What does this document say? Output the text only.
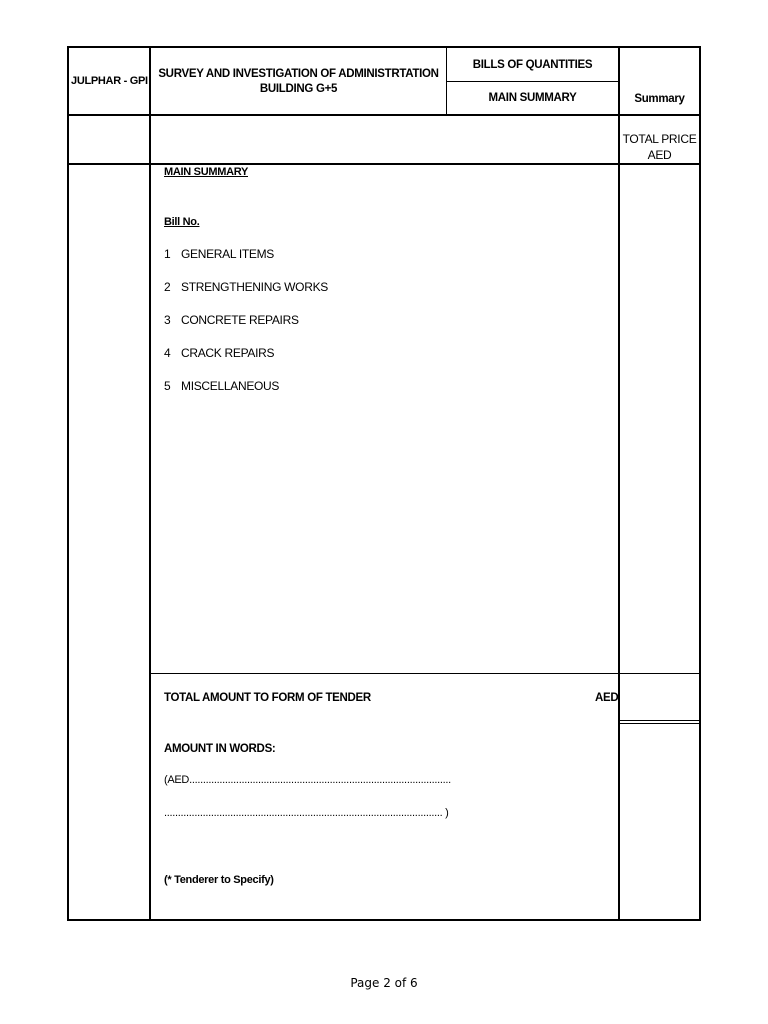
JULPHAR - GPI
SURVEY AND INVESTIGATION OF ADMINISTRTATION
BUILDING G+5
BILLS OF QUANTITIES
MAIN SUMMARY	Summary
TOTAL PRICE
AED
MAIN SUMMARY
Bill No.
1 GENERAL ITEMS
2 STRENGTHENING WORKS
3 CONCRETE REPAIRS
4 CRACK REPAIRS
5 MISCELLANEOUS
TOTAL AMOUNT TO FORM OF TENDER	AED
AMOUNT IN WORDS:
(AED...............................................................................................
..................................................................................................... )
(* Tenderer to Specify)
Page 2 of 6
